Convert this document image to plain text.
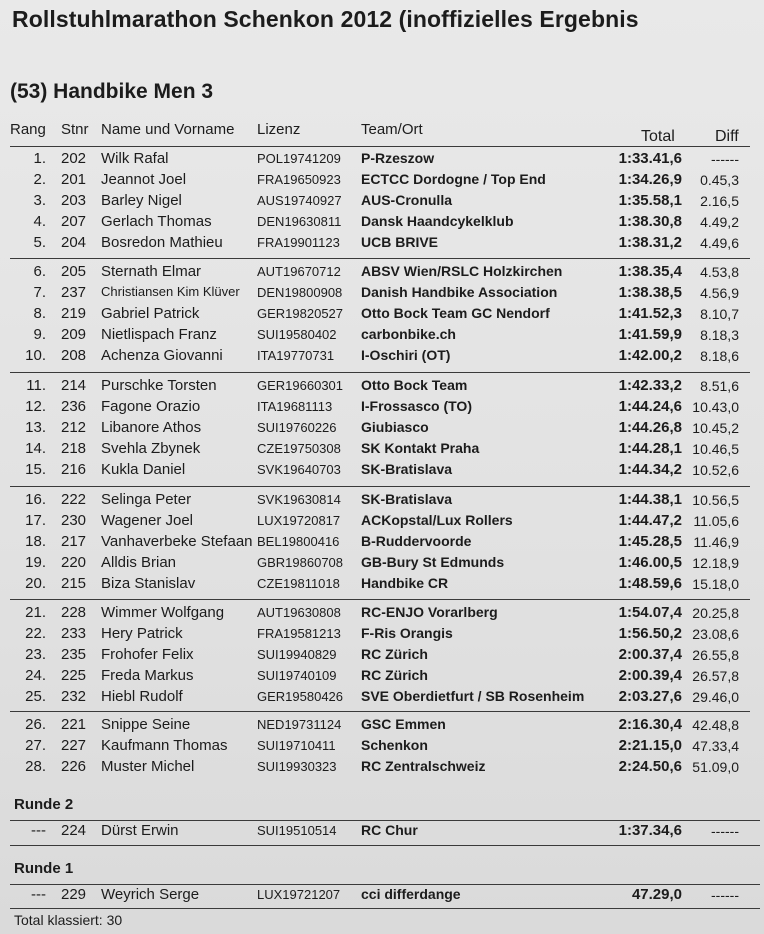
Rollstuhlmarathon Schenkon 2012 (inoffizielles Ergebnis
(53) Handbike Men 3
Rang Stnr Name und Vorname Lizenz	Team/Ort	Total	Diff
1. 202 Wilk Rafal	POL19741209 P-Rzeszow	1:33.41,6	------
2. 201 Jeannot Joel	FRA19650923 ECTCC Dordogne / Top End	1:34.26,9	0.45,3
3. 203 Barley Nigel	AUS19740927 AUS-Cronulla	1:35.58,1	2.16,5
4. 207 Gerlach Thomas	DEN19630811 Dansk Haandcykelklub	1:38.30,8	4.49,2
5. 204 Bosredon Mathieu	FRA19901123 UCB BRIVE	1:38.31,2	4.49,6
6. 205 Sternath Elmar	AUT19670712 ABSV Wien/RSLC Holzkirchen	1:38.35,4	4.53,8
7. 237 Christiansen Kim Klüver DEN19800908 Danish Handbike Association	1:38.38,5	4.56,9
8. 219 Gabriel Patrick	GER19820527 Otto Bock Team GC Nendorf	1:41.52,3	8.10,7
9. 209 Nietlispach Franz	SUI19580402 carbonbike.ch	1:41.59,9	8.18,3
10. 208 Achenza Giovanni	ITA19770731 I-Oschiri (OT)	1:42.00,2	8.18,6
11. 214 Purschke Torsten	GER19660301 Otto Bock Team	1:42.33,2	8.51,6
12. 236 Fagone Orazio	ITA19681113 I-Frossasco (TO)	1:44.24,6 10.43,0
13. 212 Libanore Athos	SUI19760226 Giubiasco	1:44.26,8 10.45,2
14. 218 Svehla Zbynek	CZE19750308 SK Kontakt Praha	1:44.28,1 10.46,5
15. 216 Kukla Daniel	SVK19640703 SK-Bratislava	1:44.34,2 10.52,6
16. 222 Selinga Peter	SVK19630814 SK-Bratislava	1:44.38,1 10.56,5
17. 230 Wagener Joel	LUX19720817 ACKopstal/Lux Rollers	1:44.47,2 11.05,6
18. 217 Vanhaverbeke Stefaan BEL19800416 B-Ruddervoorde	1:45.28,5 11.46,9
19. 220 Alldis Brian	GBR19860708 GB-Bury St Edmunds	1:46.00,5 12.18,9
20. 215 Biza Stanislav	CZE19811018 Handbike CR	1:48.59,6 15.18,0
21. 228 Wimmer Wolfgang	AUT19630808 RC-ENJO Vorarlberg	1:54.07,4 20.25,8
22. 233 Hery Patrick	FRA19581213 F-Ris Orangis	1:56.50,2 23.08,6
23. 235 Frohofer Felix	SUI19940829 RC Zürich	2:00.37,4 26.55,8
24. 225 Freda Markus	SUI19740109 RC Zürich	2:00.39,4 26.57,8
25. 232 Hiebl Rudolf	GER19580426 SVE Oberdietfurt / SB Rosenheim	2:03.27,6 29.46,0
26. 221 Snippe Seine	NED19731124 GSC Emmen	2:16.30,4 42.48,8
27. 227 Kaufmann Thomas SUI19710411 Schenkon	2:21.15,0 47.33,4
28. 226 Muster Michel	SUI19930323 RC Zentralschweiz	2:24.50,6 51.09,0
Runde 2
--- 224 Dürst Erwin	SUI19510514 RC Chur	1:37.34,6	------
Runde 1
--- 229 Weyrich Serge	LUX19721207 cci differdange	47.29,0	------
Total klassiert: 30
